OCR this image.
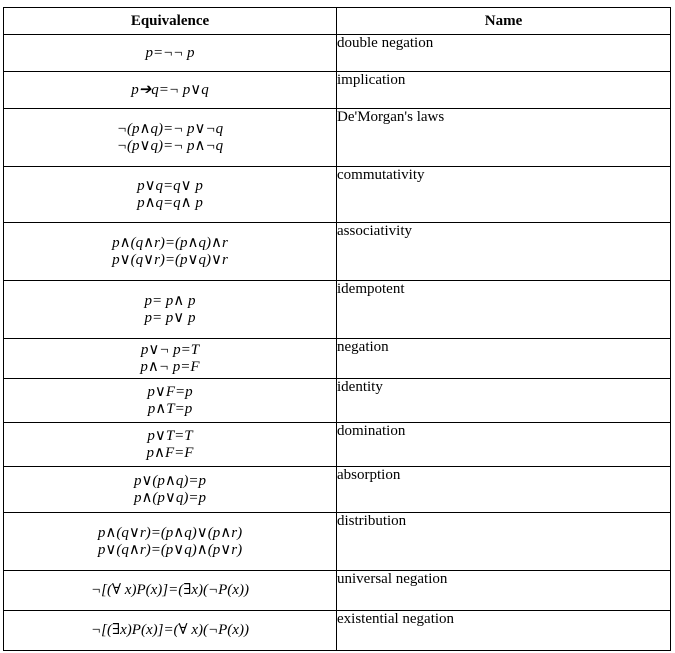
Equivalence	Name

p=¬¬ p	double negation

p➔q=¬ p∨q	implication

¬(p∧q)=¬ p∨¬q
¬(p∨q)=¬ p∧¬q	De'Morgan's laws

p∨q=q∨ p
p∧q=q∧ p	commutativity

p∧(q∧r)=(p∧q)∧r
p∨(q∨r)=(p∨q)∨r	associativity

p= p∧ p
p= p∨ p	idempotent

p∨¬ p=T
p∧¬ p=F	negation

p∨F=p
p∧T=p	identity

p∨T=T
p∧F=F	domination

p∨(p∧q)=p
p∧(p∨q)=p	absorption

p∧(q∨r)=(p∧q)∨(p∧r)
p∨(q∧r)=(p∨q)∧(p∨r)	distribution

¬[(∀ x)P(x)]=(∃x)(¬P(x))	universal negation

¬[(∃x)P(x)]=(∀ x)(¬P(x))	existential negation
